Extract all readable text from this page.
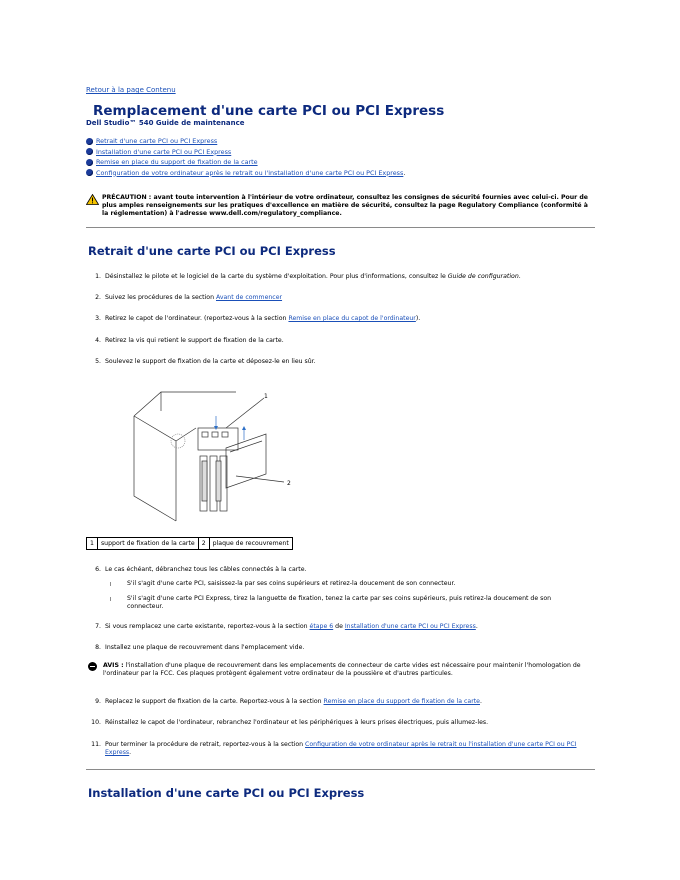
Retour à la page Contenu
Remplacement d'une carte PCI ou PCI Express
Dell Studio™ 540 Guide de maintenance
Retrait d'une carte PCI ou PCI Express
Installation d'une carte PCI ou PCI Express
Remise en place du support de fixation de la carte
Configuration de votre ordinateur après le retrait ou l'installation d'une carte PCI ou PCI Express .
PRÉCAUTION : avant toute intervention à l'intérieur de votre ordinateur, consultez les consignes de sécurité fournies avec celui-ci. Pour de plus amples renseignements sur les pratiques d'excellence en matière de sécurité, consultez la page Regulatory Compliance (conformité à la réglementation) à l'adresse www.dell.com/regulatory_compliance.
Retrait d'une carte PCI ou PCI Express
1. Désinstallez le pilote et le logiciel de la carte du système d'exploitation. Pour plus d'informations, consultez le Guide de configuration.
2. Suivez les procédures de la section Avant de commencer
3. Retirez le capot de l'ordinateur. (reportez-vous à la section Remise en place du capot de l'ordinateur).
4. Retirez la vis qui retient le support de fixation de la carte.
5. Soulevez le support de fixation de la carte et déposez-le en lieu sûr.
1
2
1	support de fixation de la carte	2	plaque de recouvrement
6. Le cas échéant, débranchez tous les câbles connectés à la carte.
l	S'il s'agit d'une carte PCI, saisissez-la par ses coins supérieurs et retirez-la doucement de son connecteur.
l	S'il s'agit d'une carte PCI Express, tirez la languette de fixation, tenez la carte par ses coins supérieurs, puis retirez-la doucement de son connecteur.
7. Si vous remplacez une carte existante, reportez-vous à la section étape 6 de Installation d'une carte PCI ou PCI Express.
8. Installez une plaque de recouvrement dans l'emplacement vide.
AVIS : l'installation d'une plaque de recouvrement dans les emplacements de connecteur de carte vides est nécessaire pour maintenir l'homologation de l'ordinateur par la FCC. Ces plaques protègent également votre ordinateur de la poussière et d'autres particules.
9. Replacez le support de fixation de la carte. Reportez-vous à la section Remise en place du support de fixation de la carte.
10. Réinstallez le capot de l'ordinateur, rebranchez l'ordinateur et les périphériques à leurs prises électriques, puis allumez-les.
11. Pour terminer la procédure de retrait, reportez-vous à la section Configuration de votre ordinateur après le retrait ou l'installation d'une carte PCI ou PCI Express.
Installation d'une carte PCI ou PCI Express
